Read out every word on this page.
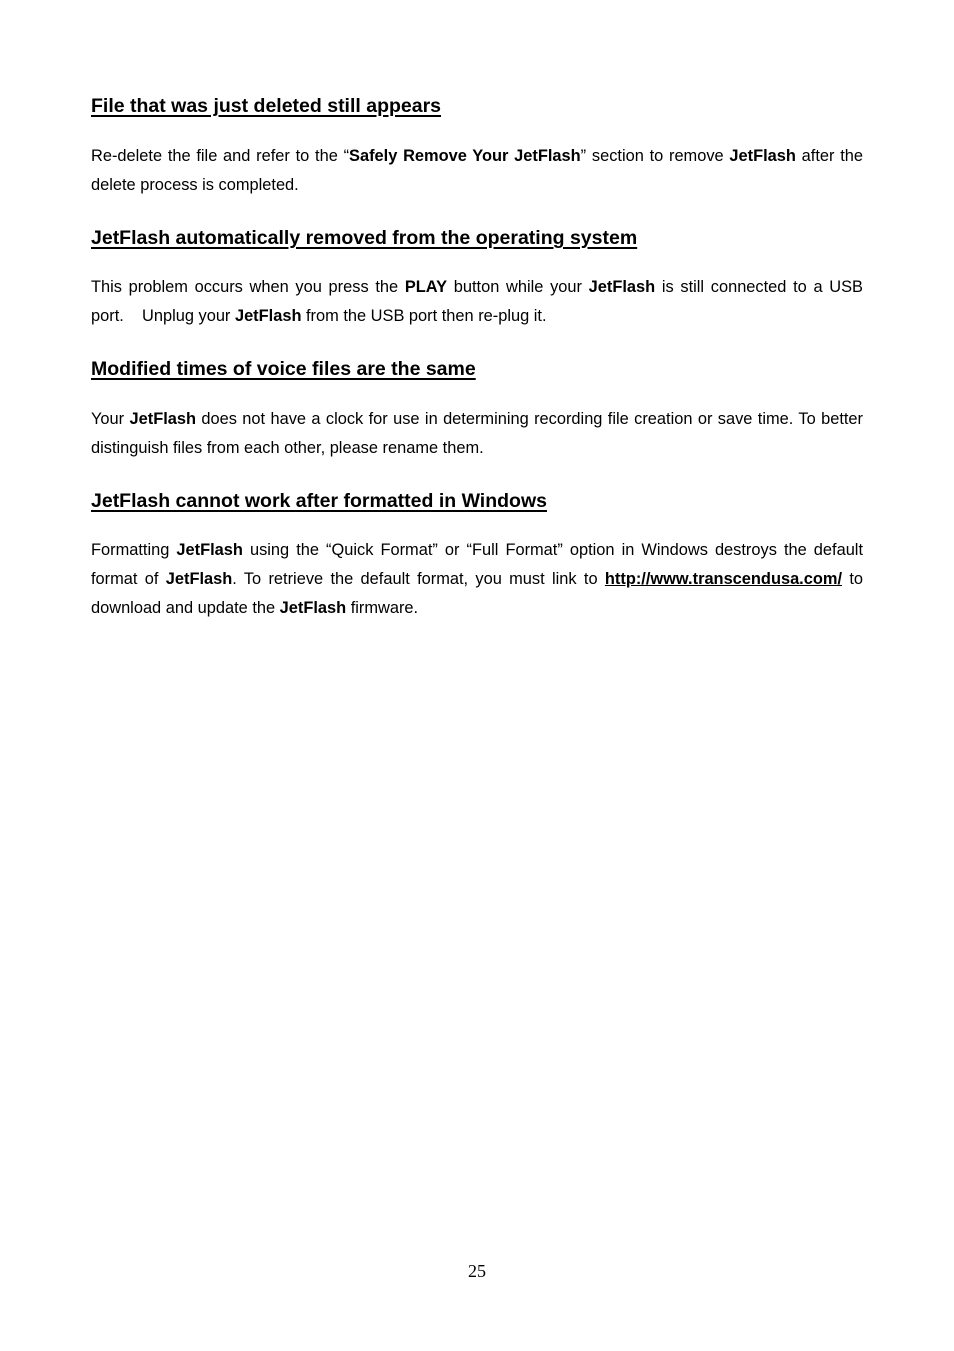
File that was just deleted still appears

Re-delete the file and refer to the “Safely Remove Your JetFlash” section to remove JetFlash after the delete process is completed.

JetFlash automatically removed from the operating system

This problem occurs when you press the PLAY button while your JetFlash is still connected to a USB port.    Unplug your JetFlash from the USB port then re-plug it.

Modified times of voice files are the same

Your JetFlash does not have a clock for use in determining recording file creation or save time. To better distinguish files from each other, please rename them.

JetFlash cannot work after formatted in Windows

Formatting JetFlash using the “Quick Format” or “Full Format” option in Windows destroys the default format of JetFlash. To retrieve the default format, you must link to http://www.transcendusa.com/ to download and update the JetFlash firmware.

25
